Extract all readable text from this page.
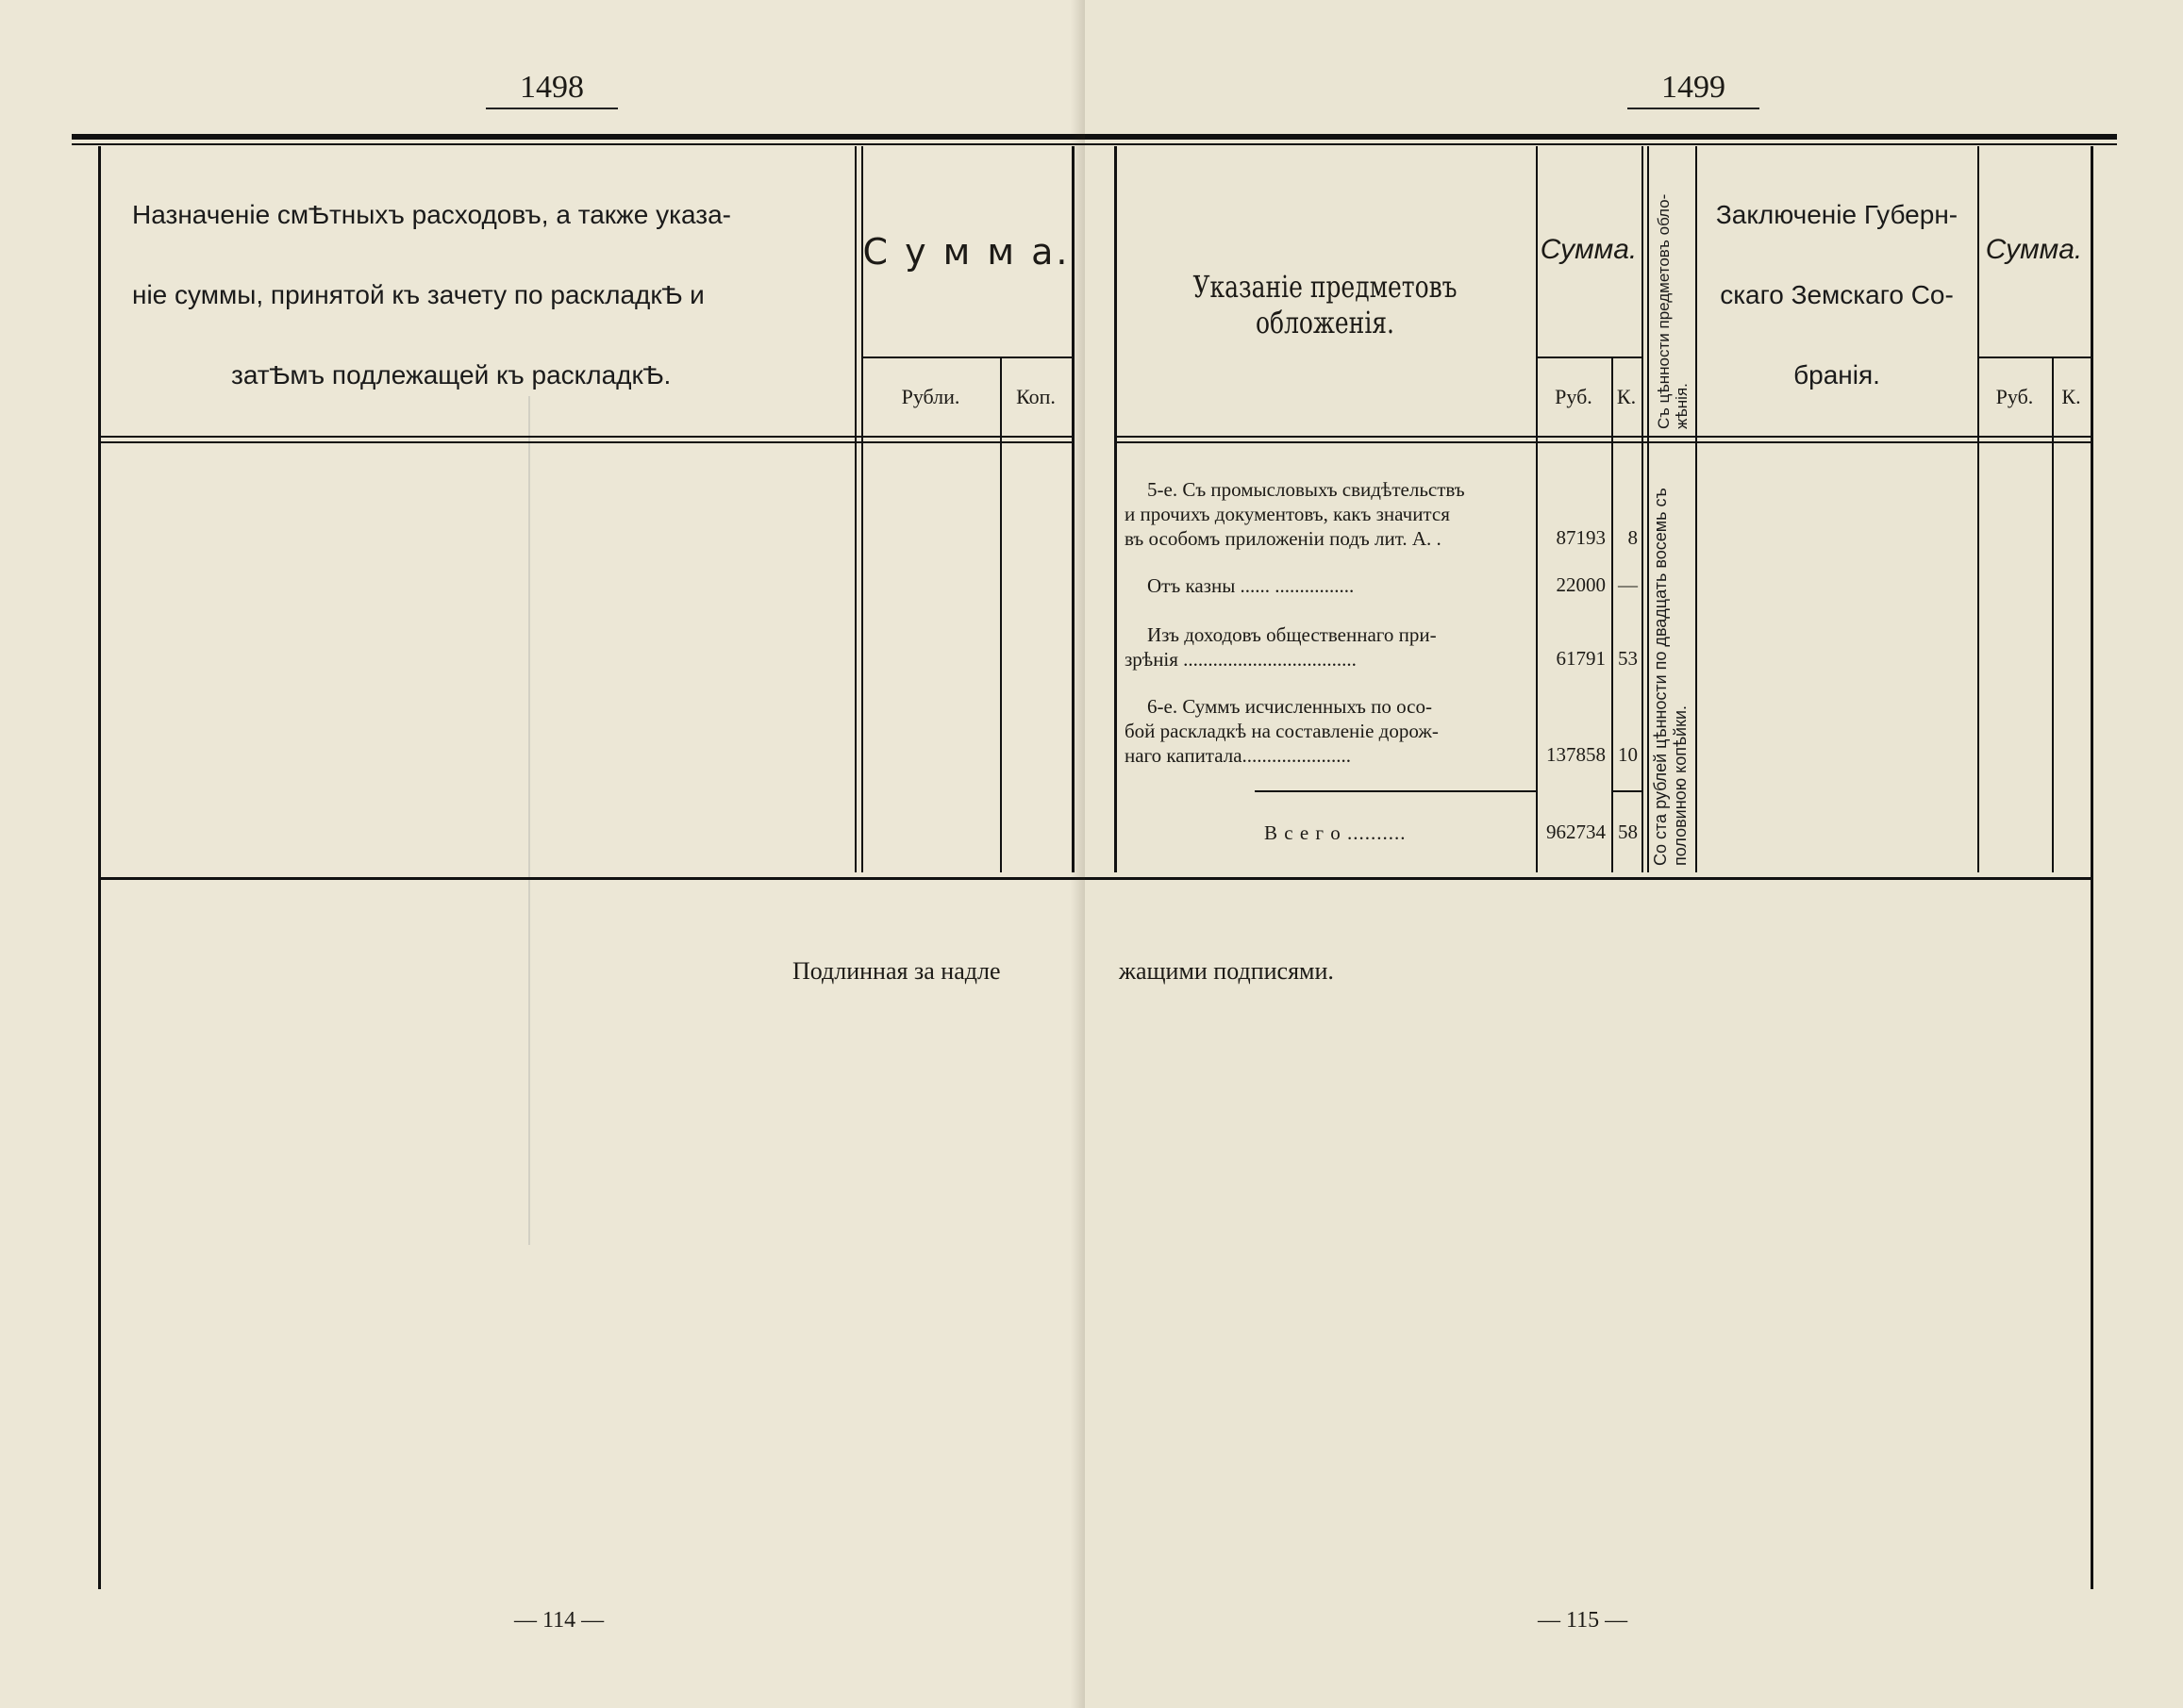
1498
Назначеніе смѢтныхъ расходовъ, а также указа-
ніе суммы, принятой къ зачету по раскладкѢ и
затѢмъ подлежащей къ раскладкѢ.
С у м м а.
Рубли.	Коп.
Подлинная за надле
— 114 —
1499
Указаніе предметовъ обложенія.
Сумма.
Руб.	К.	Съ цѣнности предметовъ обло-жѣнія.
Заключеніе Губерн-
скаго Земскаго Со-
бранія.
Сумма.
Руб.	К.
5-е. Съ промысловыхъ свидѣтельствъ
и прочихъ документовъ, какъ значится
въ особомъ приложеніи подъ лит. А. .	87193	8
Отъ казны ...... ................	22000 —
Изъ доходовъ общественнаго при-
зрѣнія ...................................	61791 53
6-е. Суммъ исчисленныхъ по осо-
бой раскладкѣ на составленіе дорож-
наго капитала......................	137858 10
В с е г о ..........	962734 58 Со ста рублей цѣнности по двадцать восемь съ половиною копѣйки.
жащими подписями.
— 115 —
